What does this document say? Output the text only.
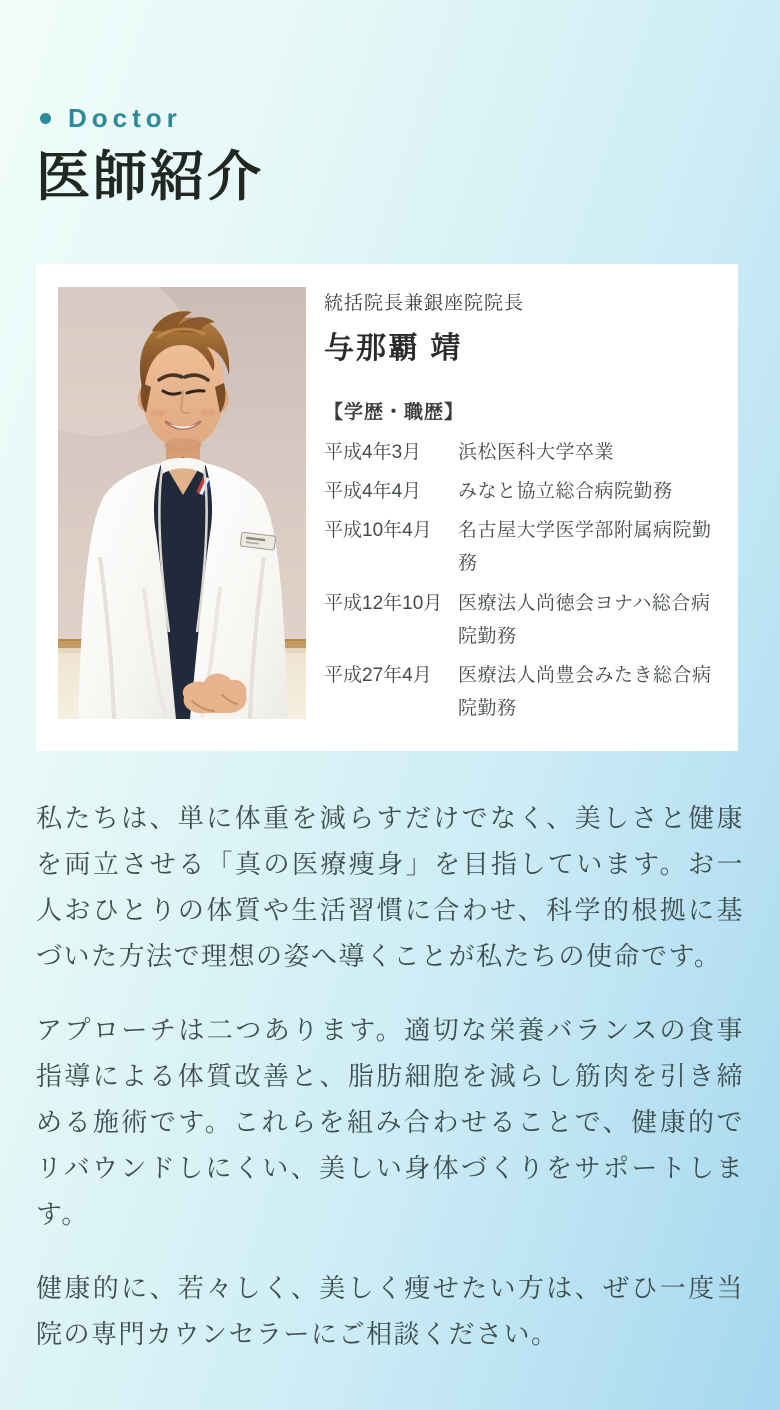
Doctor
医師紹介
統括院長兼銀座院院長
与那覇 靖
【学歴・職歴】
平成4年3月	浜松医科大学卒業
平成4年4月	みなと協立総合病院勤務
平成10年4月	名古屋大学医学部附属病院勤務
平成12年10月 医療法人尚徳会ヨナハ総合病院勤務
平成27年4月	医療法人尚豊会みたき総合病院勤務

私たちは、単に体重を減らすだけでなく、美しさと健康を両立させる「真の医療痩身」を目指しています。お一人おひとりの体質や生活習慣に合わせ、科学的根拠に基づいた方法で理想の姿へ導くことが私たちの使命です。

アプローチは二つあります。適切な栄養バランスの食事指導による体質改善と、脂肪細胞を減らし筋肉を引き締める施術です。これらを組み合わせることで、健康的でリバウンドしにくい、美しい身体づくりをサポートします。

健康的に、若々しく、美しく痩せたい方は、ぜひ一度当院の専門カウンセラーにご相談ください。
